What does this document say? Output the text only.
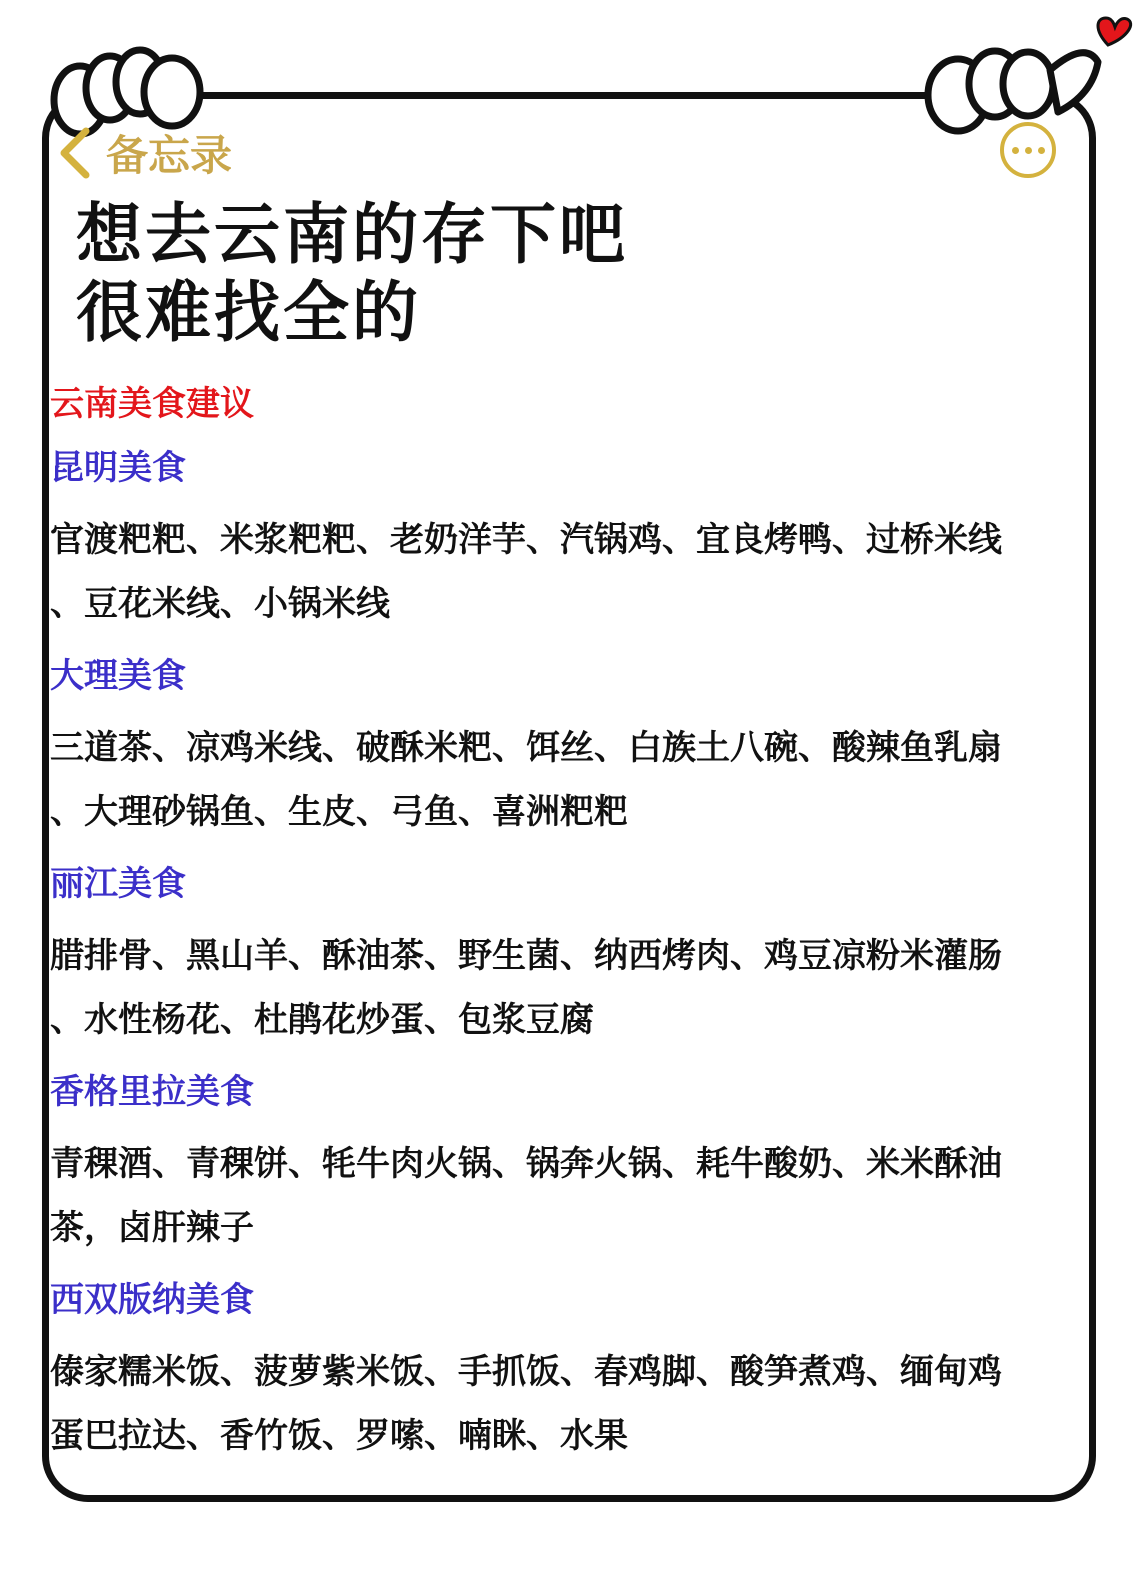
备忘录
想去云南的存下吧
很难找全的
云南美食建议
昆明美食
官渡粑粑、米浆粑粑、老奶洋芋、汽锅鸡、宜良烤鸭、过桥米线
、豆花米线、小锅米线
大理美食
三道茶、凉鸡米线、破酥米粑、饵丝、白族土八碗、酸辣鱼乳扇
、大理砂锅鱼、生皮、弓鱼、喜洲粑粑
丽江美食
腊排骨、黑山羊、酥油茶、野生菌、纳西烤肉、鸡豆凉粉米灌肠
、水性杨花、杜鹃花炒蛋、包浆豆腐
香格里拉美食
青稞酒、青稞饼、牦牛肉火锅、锅奔火锅、耗牛酸奶、米米酥油
茶，卤肝辣子
西双版纳美食
傣家糯米饭、菠萝紫米饭、手抓饭、春鸡脚、酸笋煮鸡、缅甸鸡
蛋巴拉达、香竹饭、罗嗦、喃眯、水果
